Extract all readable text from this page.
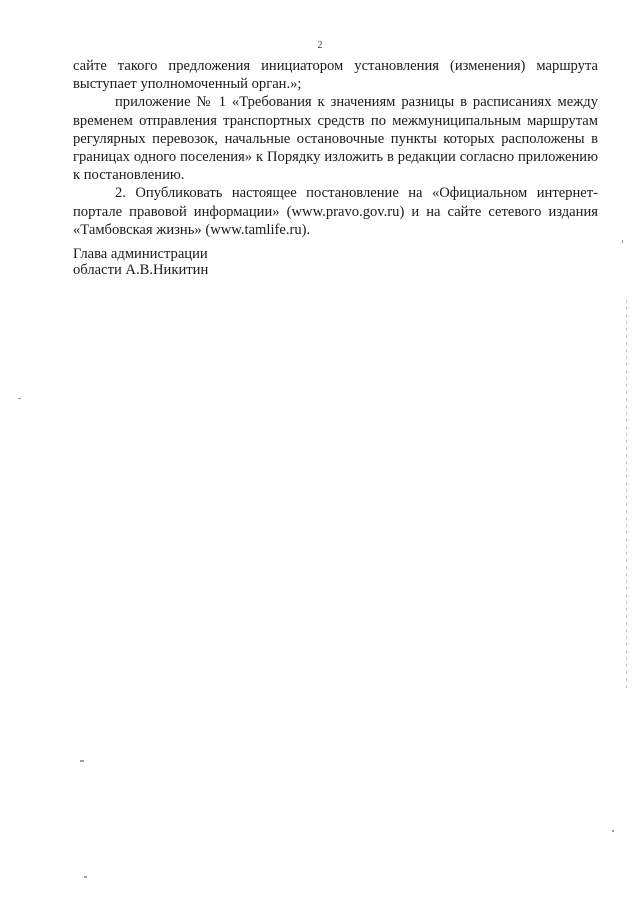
2

сайте такого предложения инициатором установления (изменения) маршрута выступает уполномоченный орган.»;

приложение № 1 «Требования к значениям разницы в расписаниях между временем отправления транспортных средств по межмуниципальным маршрутам регулярных перевозок, начальные остановочные пункты которых расположены в границах одного поселения» к Порядку изложить в редакции согласно приложению к постановлению.

2. Опубликовать настоящее постановление на «Официальном интернет-портале правовой информации» (www.pravo.gov.ru) и на сайте сетевого издания «Тамбовская жизнь» (www.tamlife.ru).

Глава администрации
области А.В.Никитин
